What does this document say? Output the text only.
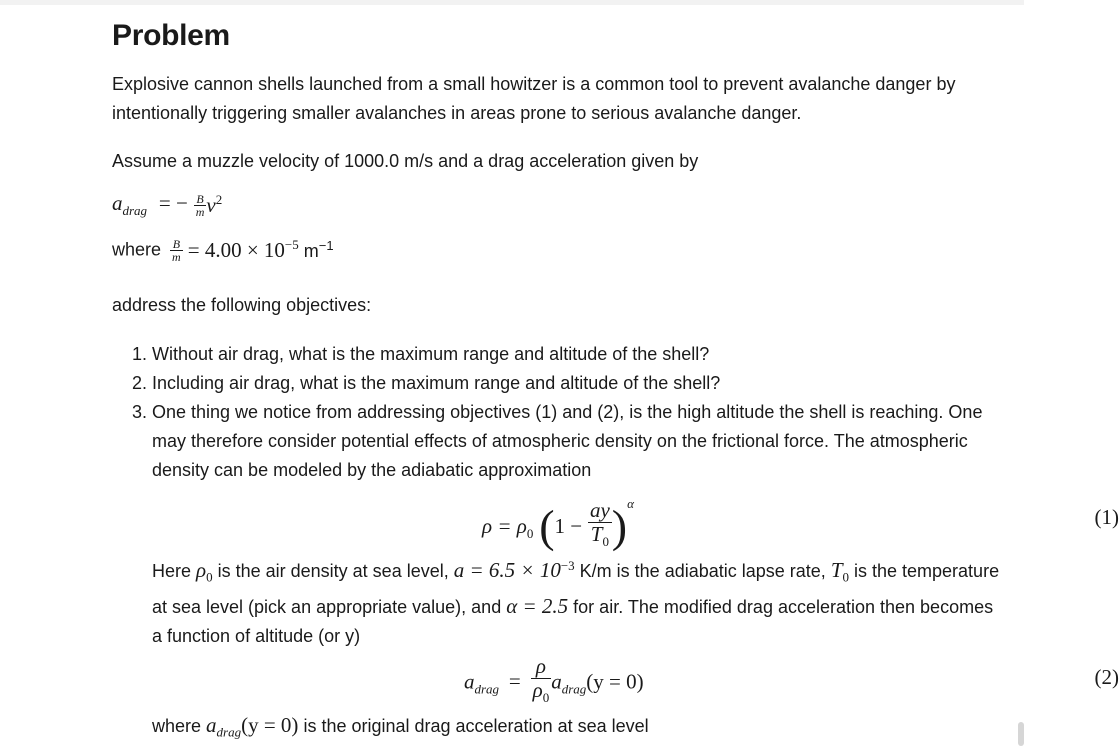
Problem

Explosive cannon shells launched from a small howitzer is a common tool to prevent avalanche danger by intentionally triggering smaller avalanches in areas prone to serious avalanche danger.

Assume a muzzle velocity of 1000.0 m/s and a drag acceleration given by

$a_{drag}$ = − $\frac{B}{m} v^2$
where $\frac{B}{m} = 4.00 \times 10^{-5}$ $m^{-1}$

address the following objectives:

1. Without air drag, what is the maximum range and altitude of the shell?
2. Including air drag, what is the maximum range and altitude of the shell?
3. One thing we notice from addressing objectives (1) and (2), is the high altitude the shell is reaching. One may therefore consider potential effects of atmospheric density on the frictional force. The atmospheric density can be modeled by the adiabatic approximation
$\rho = \rho_0$ $(1 - \frac{ay}{T_0} )^\alpha$
(1)
Here $\rho_0$ is the air density at sea level, $a = 6.5 \times 10^{-3}$ K/m is the adiabatic lapse rate, $T_0$ is the temperature at sea level (pick an appropriate value), and α = 2.5 for air. The modified drag acceleration then becomes a function of altitude (or y)
$a_{drag} = \frac{\rho}{\rho_0} a_{drag}(y = 0)$	(2)
where $a_{drag}(y = 0)$ is the original drag acceleration at sea level
